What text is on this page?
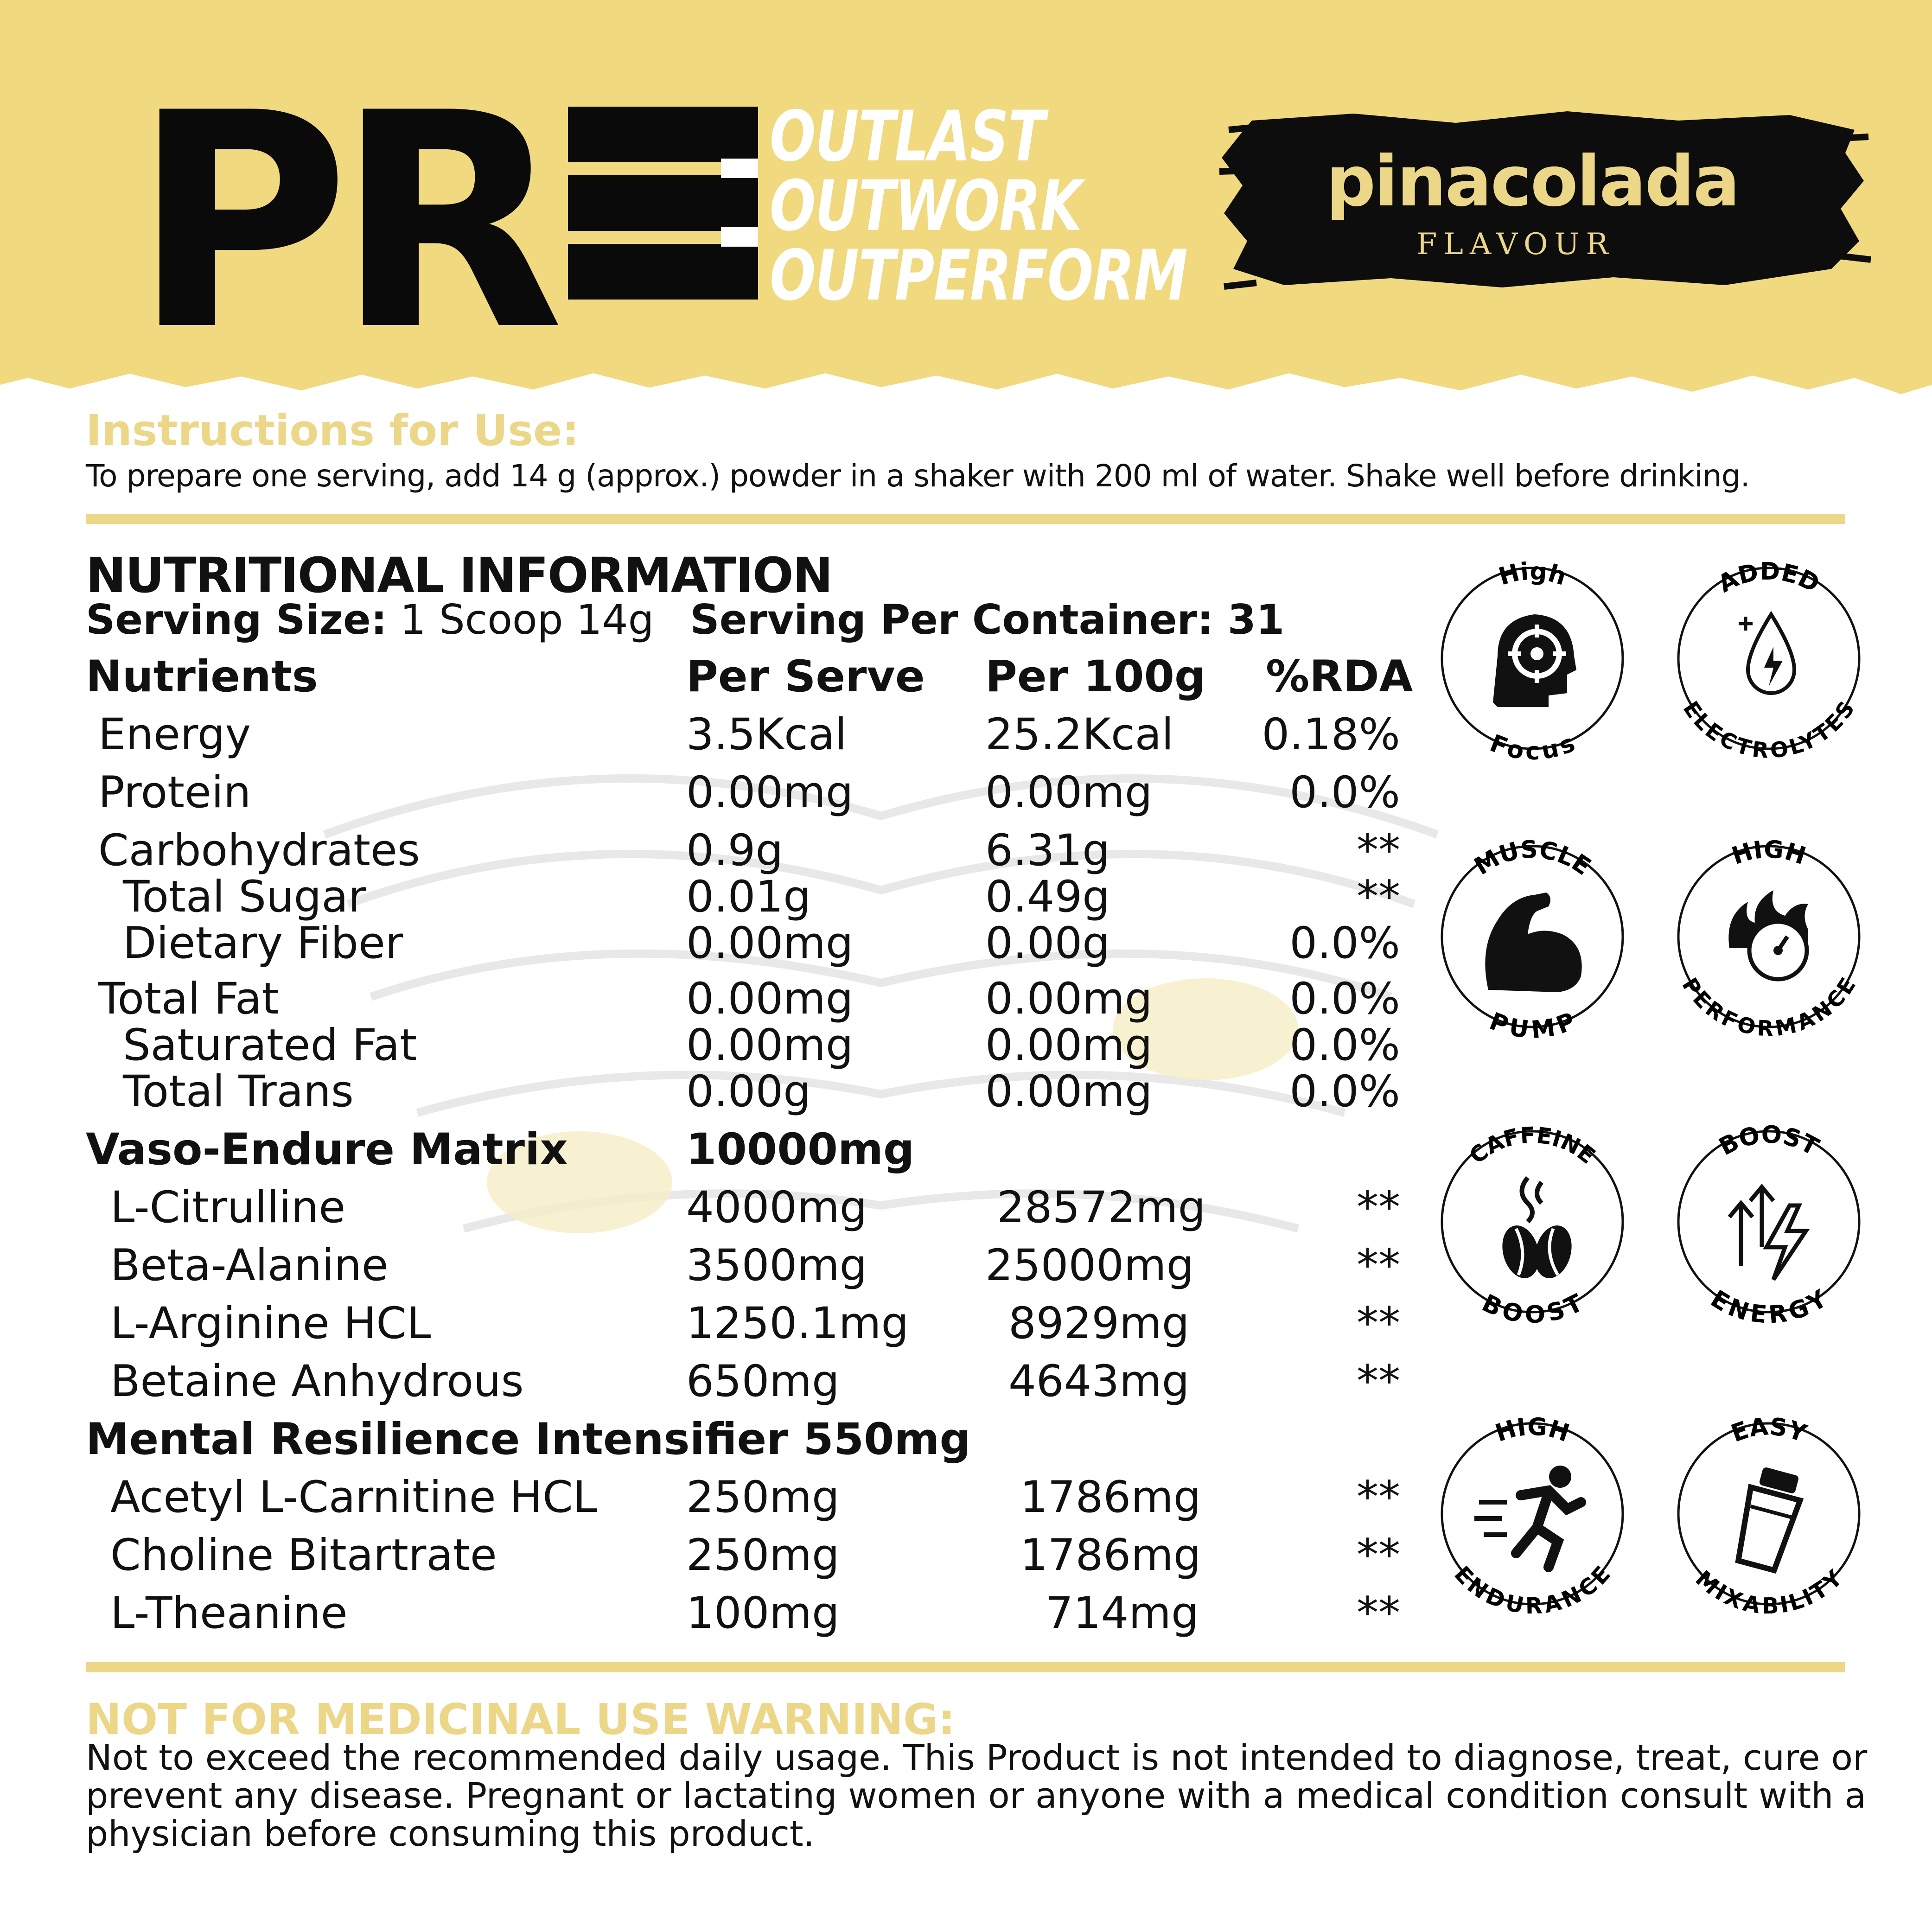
PR	OUTLAST
OUTWORK
OUTPERFORM
pinacolada
FLAVOUR
Instructions for Use:
To prepare one serving, add 14 g (approx.) powder in a shaker with 200 ml of water. Shake well before drinking.
NUTRITIONAL INFORMATION
Serving Size: 1 Scoop 14g Serving Per Container: 31
Nutrients	Per Serve Per 100g %RDA
Energy	3.5Kcal	25.2Kcal	0.18%
Protein	0.00mg	0.00mg	0.0%
Carbohydrates	0.9g	6.31g	**
Total Sugar	0.01g	0.49g	**
Dietary Fiber	0.00mg	0.00g	0.0%
Total Fat	0.00mg	0.00mg	0.0%
Saturated Fat	0.00mg	0.00mg	0.0%
Total Trans	0.00g	0.00mg	0.0%
Vaso-Endure Matrix	10000mg
L-Citrulline	4000mg	28572mg	**
Beta-Alanine	3500mg	25000mg	**
L-Arginine HCL	1250.1mg 8929mg	**
Betaine Anhydrous	650mg	4643mg	**
Mental Resilience Intensifier 550mg
Acetyl L-Carnitine HCL 250mg	1786mg	**
Choline Bitartrate	250mg	1786mg	**
L-Theanine	100mg	714mg	**
High
Focus
ADDED
ELECTROLYTES
MUSCLE
PUMP
HIGH
PERFORMANCE
CAFFEINE
BOOST
BOOST
ENERGY
HIGH
ENDURANCE
EASY
MIXABILITY
NOT FOR MEDICINAL USE WARNING:
Not to exceed the recommended daily usage. This Product is not intended to diagnose, treat, cure or prevent any disease. Pregnant or lactating women or anyone with a medical condition consult with a physician before consuming this product.
